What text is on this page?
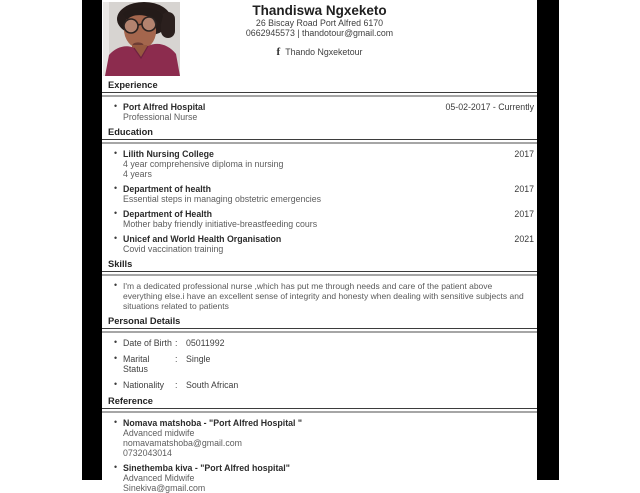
Thandiswa Ngxeketo
26 Biscay Road Port Alfred 6170
0662945573 | thandotour@gmail.com
f Thando Ngxeketour
Experience
• Port Alfred Hospital	05-02-2017 - Currently
Professional Nurse
Education
• Lilith Nursing College	2017
4 year comprehensive diploma in nursing
4 years
• Department of health	2017
Essential steps in managing obstetric emergencies
• Department of Health	2017
Mother baby friendly initiative-breastfeeding cours
• Unicef and World Health Organisation	2021
Covid vaccination training
Skills
• I'm a dedicated professional nurse ,which has put me through needs and care of the patient above everything else.i have an excellent sense of integrity and honesty when dealing with sensitive subjects and situations related to patients
Personal Details
• Date of Birth : 05011992
• Marital Status
: Single
• Nationality	: South African
Reference
• Nomava matshoba - "Port Alfred Hospital "
Advanced midwife
nomavamatshoba@gmail.com
0732043014
• Sinethemba kiva - "Port Alfred hospital"
Advanced Midwife
Sinekiva@gmail.com
